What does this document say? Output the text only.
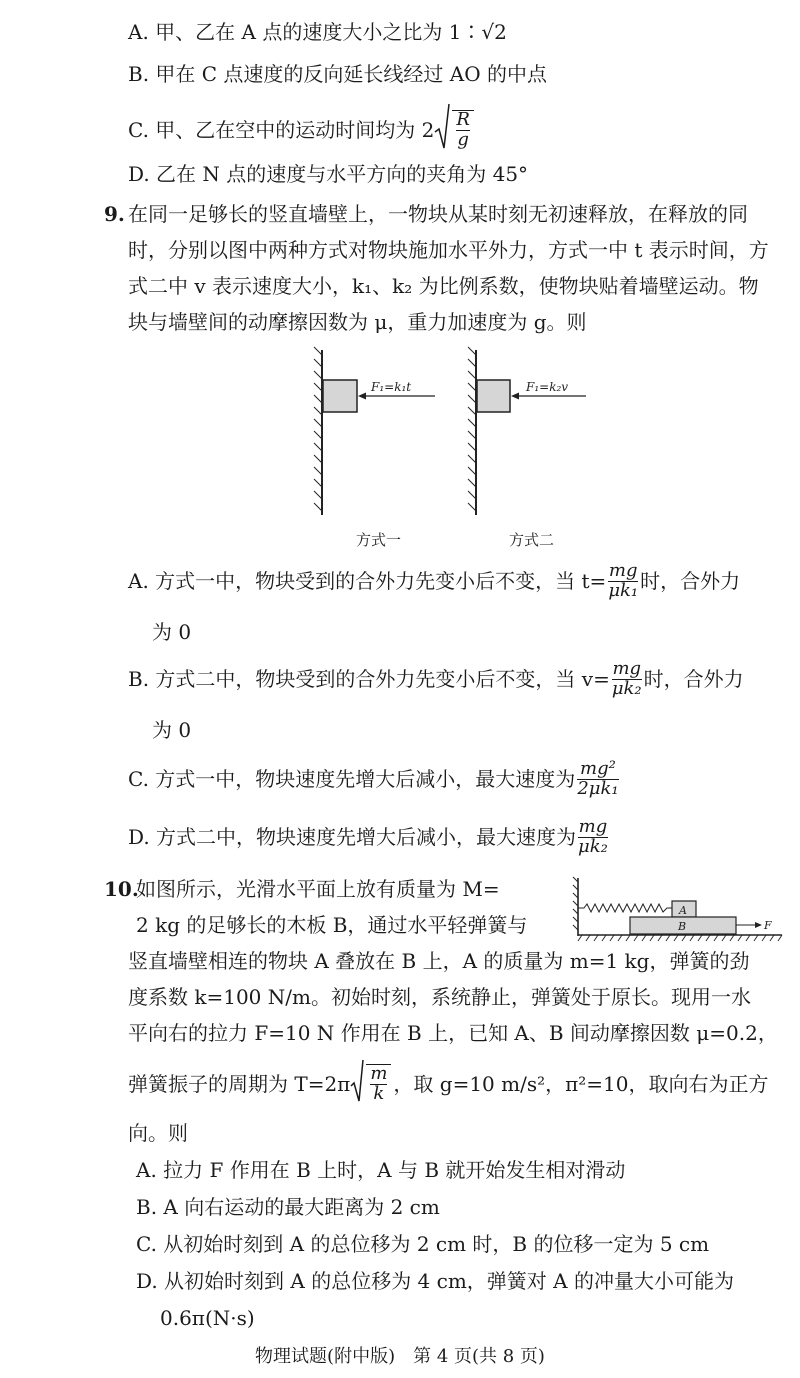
A. 甲、乙在 A 点的速度大小之比为 1∶√2
B. 甲在 C 点速度的反向延长线经过 AO 的中点
C. 甲、乙在空中的运动时间均为 $2 \frac{R}{g}$
D. 乙在 N 点的速度与水平方向的夹角为 45°
9. 在同一足够长的竖直墙壁上，一物块从某时刻无初速释放，在释放的同
时，分别以图中两种方式对物块施加水平外力，方式一中 t 表示时间，方
式二中 v 表示速度大小，k₁、k₂ 为比例系数，使物块贴着墙壁运动。物
块与墙壁间的动摩擦因数为 μ，重力加速度为 g。则
F₁=k₁t	F₁=k₂v
方式一	方式二
A. 方式一中，物块受到的合外力先变小后不变，当 $t= \frac{mg}{\text{μk₁}}$ 时，合外力
为 0
B. 方式二中，物块受到的合外力先变小后不变，当 $v= \frac{mg}{\text{μk₂}}$ 时，合外力
为 0
C. 方式一中，物块速度先增大后减小，最大速度为 $\frac{\text{mg²}}{\text{2μk₁}}$
D. 方式二中，物块速度先增大后减小，最大速度为 $\frac{mg}{\text{μk₂}}$
10.
如图所示，光滑水平面上放有质量为 M=
2 kg 的足够长的木板 B，通过水平轻弹簧与
竖直墙壁相连的物块 A 叠放在 B 上，A 的质量为 m=1 kg，弹簧的劲
度系数 k=100 N/m。初始时刻，系统静止，弹簧处于原长。现用一水
平向右的拉力 F=10 N 作用在 B 上，已知 A、B 间动摩擦因数 μ=0.2，
弹簧振子的周期为 $T=2\pi \frac{m}{k}$ ，取 g=10 m/s²，π²=10，取向右为正方
向。则
A
B	F
A. 拉力 F 作用在 B 上时，A 与 B 就开始发生相对滑动
B. A 向右运动的最大距离为 2 cm
C. 从初始时刻到 A 的总位移为 2 cm 时，B 的位移一定为 5 cm
D. 从初始时刻到 A 的总位移为 4 cm，弹簧对 A 的冲量大小可能为
0.6π(N·s)
物理试题(附中版)　第 4 页(共 8 页)
